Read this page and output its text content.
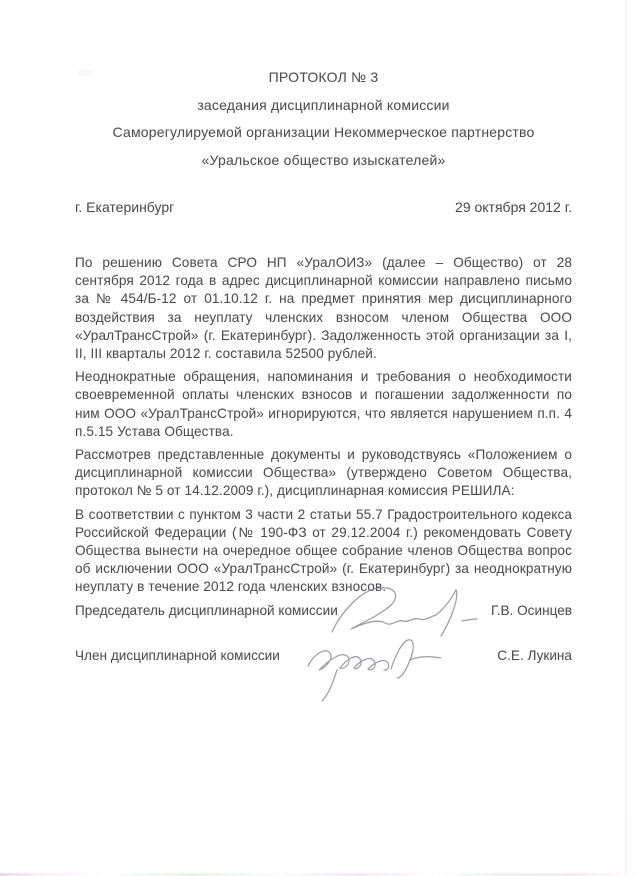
ПРОТОКОЛ № 3
заседания дисциплинарной комиссии
Саморегулируемой организации Некоммерческое партнерство
«Уральское общество изыскателей»
г. Екатеринбург	29 октября 2012 г.

По решению Совета СРО НП «УралОИЗ» (далее – Общество) от 28 сентября 2012 года в адрес дисциплинарной комиссии направлено письмо за № 454/Б-12 от 01.10.12 г. на предмет принятия мер дисциплинарного воздействия за неуплату членских взносом членом Общества ООО «УралТрансСтрой» (г. Екатеринбург). Задолженность этой организации за I, II, III кварталы 2012 г. составила 52500 рублей.

Неоднократные обращения, напоминания и требования о необходимости своевременной оплаты членских взносов и погашении задолженности по ним ООО «УралТрансСтрой» игнорируются, что является нарушением п.п. 4 п.5.15 Устава Общества.

Рассмотрев представленные документы и руководствуясь «Положением о дисциплинарной комиссии Общества» (утверждено Советом Общества, протокол № 5 от 14.12.2009 г.), дисциплинарная комиссия РЕШИЛА:

В соответствии с пунктом 3 части 2 статьи 55.7 Градостроительного кодекса Российской Федерации (№ 190-ФЗ от 29.12.2004 г.) рекомендовать Совету Общества вынести на очередное общее собрание членов Общества вопрос об исключении ООО «УралТрансСтрой» (г. Екатеринбург) за неоднократную неуплату в течение 2012 года членских взносов.

Председатель дисциплинарной комиссии	Г.В. Осинцев
Член дисциплинарной комиссии	С.Е. Лукина
